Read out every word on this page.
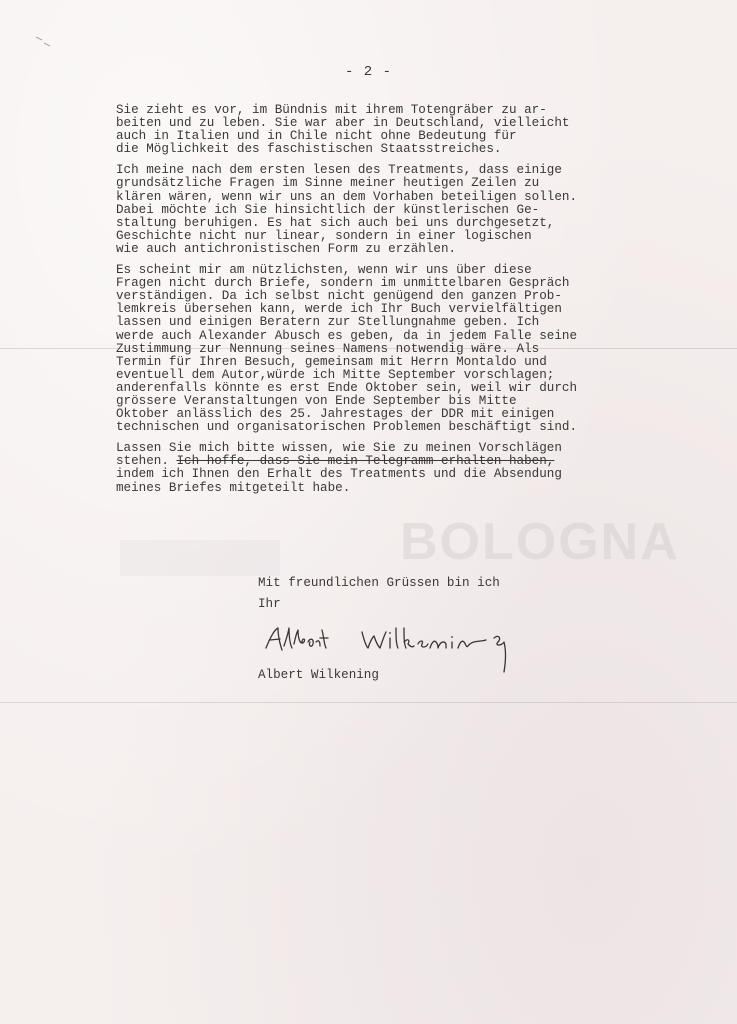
BOLOGNA
- 2 -
Sie zieht es vor, im Bündnis mit ihrem Totengräber zu ar-
beiten und zu leben. Sie war aber in Deutschland, vielleicht
auch in Italien und in Chile nicht ohne Bedeutung für
die Möglichkeit des faschistischen Staatsstreiches.
Ich meine nach dem ersten lesen des Treatments, dass einige
grundsätzliche Fragen im Sinne meiner heutigen Zeilen zu
klären wären, wenn wir uns an dem Vorhaben beteiligen sollen.
Dabei möchte ich Sie hinsichtlich der künstlerischen Ge-
staltung beruhigen. Es hat sich auch bei uns durchgesetzt,
Geschichte nicht nur linear, sondern in einer logischen
wie auch antichronistischen Form zu erzählen.
Es scheint mir am nützlichsten, wenn wir uns über diese
Fragen nicht durch Briefe, sondern im unmittelbaren Gespräch
verständigen. Da ich selbst nicht genügend den ganzen Prob-
lemkreis übersehen kann, werde ich Ihr Buch vervielfältigen
lassen und einigen Beratern zur Stellungnahme geben. Ich
werde auch Alexander Abusch es geben, da in jedem Falle seine
Zustimmung zur Nennung seines Namens notwendig wäre. Als
Termin für Ihren Besuch, gemeinsam mit Herrn Montaldo und
eventuell dem Autor,würde ich Mitte September vorschlagen;
anderenfalls könnte es erst Ende Oktober sein, weil wir durch
grössere Veranstaltungen von Ende September bis Mitte
Oktober anlässlich des 25. Jahrestages der DDR mit einigen
technischen und organisatorischen Problemen beschäftigt sind.
Lassen Sie mich bitte wissen, wie Sie zu meinen Vorschlägen
stehen. Ich hoffe, dass Sie mein Telegramm erhalten haben,
indem ich Ihnen den Erhalt des Treatments und die Absendung
meines Briefes mitgeteilt habe.
Mit freundlichen Grüssen bin ich
Ihr
Albert Wilkening
